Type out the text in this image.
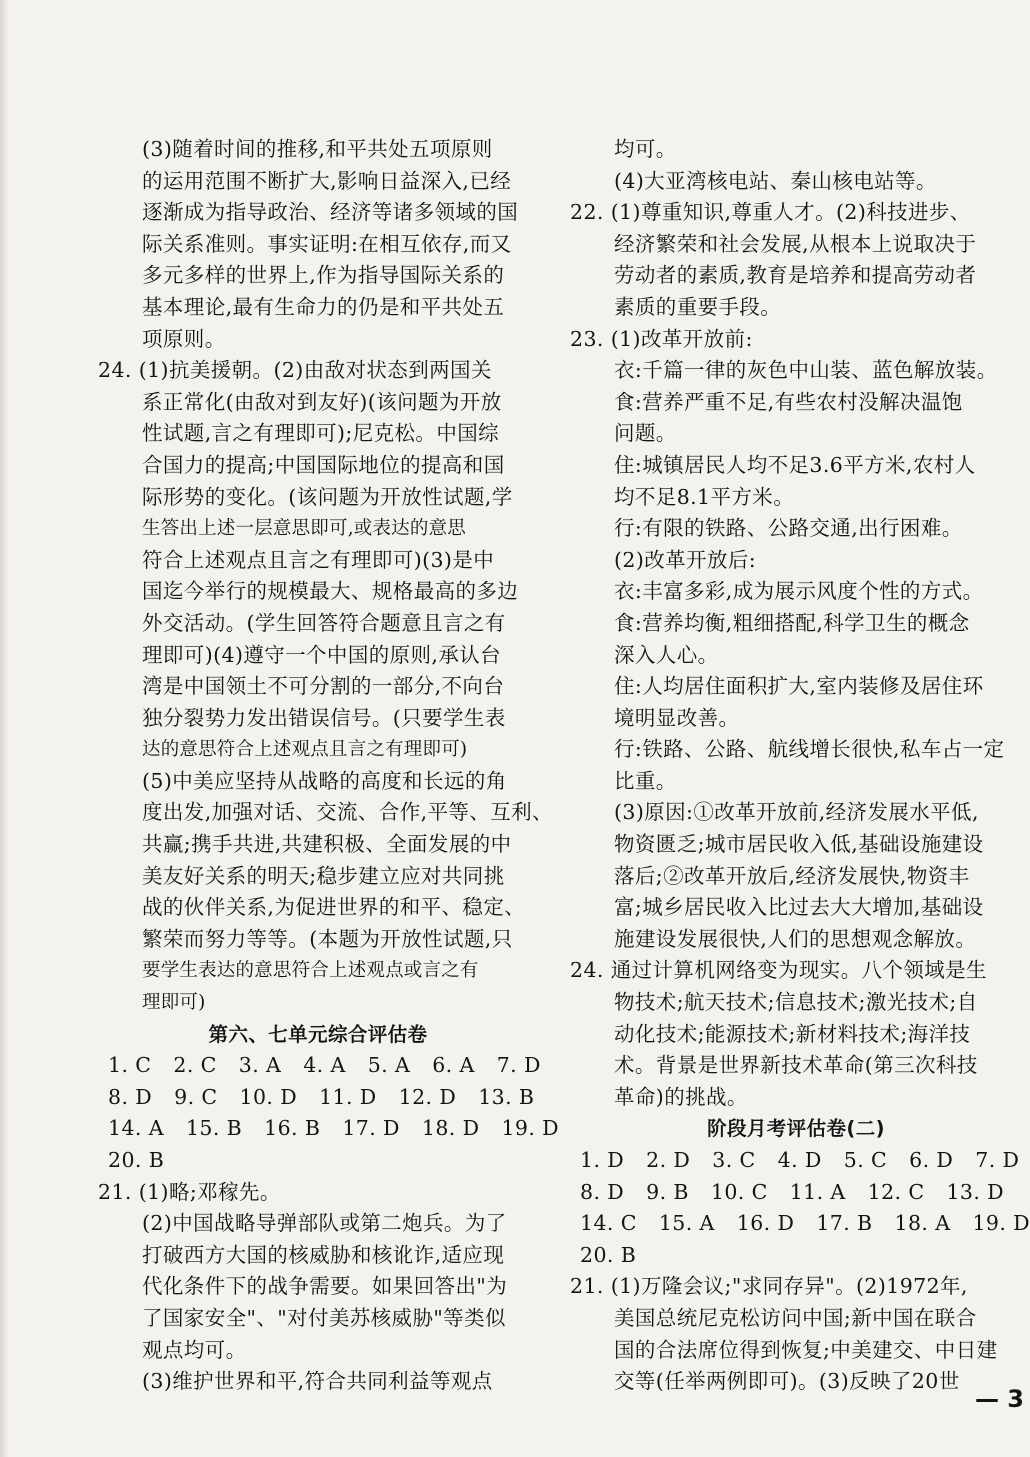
(3)随着时间的推移,和平共处五项原则
的运用范围不断扩大,影响日益深入,已经
逐渐成为指导政治、经济等诸多领域的国
际关系准则。事实证明:在相互依存,而又
多元多样的世界上,作为指导国际关系的
基本理论,最有生命力的仍是和平共处五
项原则。
24. (1)抗美援朝。(2)由敌对状态到两国关
系正常化(由敌对到友好)(该问题为开放
性试题,言之有理即可);尼克松。中国综
合国力的提高;中国国际地位的提高和国
际形势的变化。(该问题为开放性试题,学
生答出上述一层意思即可,或表达的意思
符合上述观点且言之有理即可)(3)是中
国迄今举行的规模最大、规格最高的多边
外交活动。(学生回答符合题意且言之有
理即可)(4)遵守一个中国的原则,承认台
湾是中国领土不可分割的一部分,不向台
独分裂势力发出错误信号。(只要学生表
达的意思符合上述观点且言之有理即可)
(5)中美应坚持从战略的高度和长远的角
度出发,加强对话、交流、合作,平等、互利、
共赢;携手共进,共建积极、全面发展的中
美友好关系的明天;稳步建立应对共同挑
战的伙伴关系,为促进世界的和平、稳定、
繁荣而努力等等。(本题为开放性试题,只
要学生表达的意思符合上述观点或言之有
理即可)
第六、七单元综合评估卷
1. C 2. C 3. A 4. A 5. A 6. A 7. D
8. D 9. C 10. D 11. D 12. D 13. B
14. A 15. B 16. B 17. D 18. D 19. D
20. B
21. (1)略;邓稼先。
(2)中国战略导弹部队或第二炮兵。为了
打破西方大国的核威胁和核讹诈,适应现
代化条件下的战争需要。如果回答出"为
了国家安全"、"对付美苏核威胁"等类似
观点均可。
(3)维护世界和平,符合共同利益等观点
均可。
(4)大亚湾核电站、秦山核电站等。
22. (1)尊重知识,尊重人才。(2)科技进步、
经济繁荣和社会发展,从根本上说取决于
劳动者的素质,教育是培养和提高劳动者
素质的重要手段。
23. (1)改革开放前:
衣:千篇一律的灰色中山装、蓝色解放装。
食:营养严重不足,有些农村没解决温饱
问题。
住:城镇居民人均不足3.6平方米,农村人
均不足8.1平方米。
行:有限的铁路、公路交通,出行困难。
(2)改革开放后:
衣:丰富多彩,成为展示风度个性的方式。
食:营养均衡,粗细搭配,科学卫生的概念
深入人心。
住:人均居住面积扩大,室内装修及居住环
境明显改善。
行:铁路、公路、航线增长很快,私车占一定
比重。
(3)原因:①改革开放前,经济发展水平低,
物资匮乏;城市居民收入低,基础设施建设
落后;②改革开放后,经济发展快,物资丰
富;城乡居民收入比过去大大增加,基础设
施建设发展很快,人们的思想观念解放。
24. 通过计算机网络变为现实。八个领域是生
物技术;航天技术;信息技术;激光技术;自
动化技术;能源技术;新材料技术;海洋技
术。背景是世界新技术革命(第三次科技
革命)的挑战。
阶段月考评估卷(二)
1. D 2. D 3. C 4. D 5. C 6. D 7. D
8. D 9. B 10. C 11. A 12. C 13. D
14. C 15. A 16. D 17. B 18. A 19. D
20. B
21. (1)万隆会议;"求同存异"。(2)1972年,
美国总统尼克松访问中国;新中国在联合
国的合法席位得到恢复;中美建交、中日建
交等(任举两例即可)。(3)反映了20世
— 3
